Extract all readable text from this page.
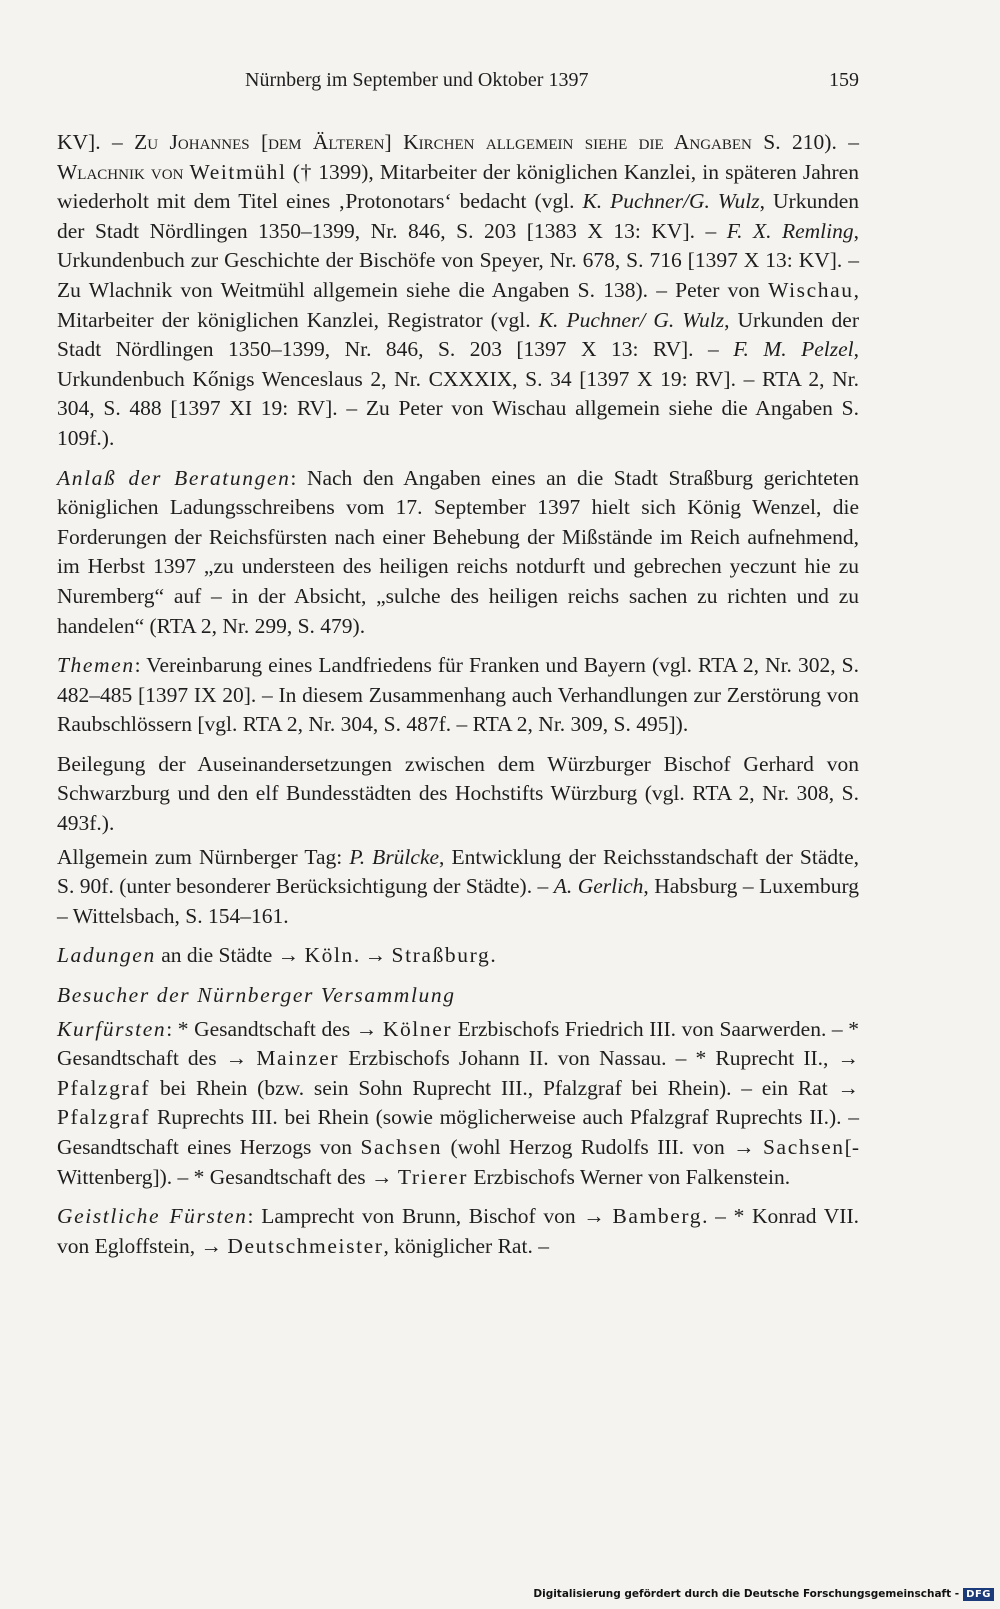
Nürnberg im September und Oktober 1397	159

KV]. – Zu Johannes [dem Älteren] Kirchen allgemein siehe die Angaben S. 210). – Wlachnik von Weitmühl († 1399), Mitarbeiter der königlichen Kanzlei, in späteren Jahren wiederholt mit dem Titel eines ‚Protonotars‘ bedacht (vgl. K. Puchner/G. Wulz, Urkunden der Stadt Nördlingen 1350–1399, Nr. 846, S. 203 [1383 X 13: KV]. – F. X. Remling, Urkundenbuch zur Geschichte der Bischöfe von Speyer, Nr. 678, S. 716 [1397 X 13: KV]. – Zu Wlachnik von Weitmühl allgemein siehe die Angaben S. 138). – Peter von Wischau, Mitarbeiter der königlichen Kanzlei, Registrator (vgl. K. Puchner/ G. Wulz, Urkunden der Stadt Nördlingen 1350–1399, Nr. 846, S. 203 [1397 X 13: RV]. – F. M. Pelzel, Urkundenbuch Kőnigs Wenceslaus 2, Nr. CXXXIX, S. 34 [1397 X 19: RV]. – RTA 2, Nr. 304, S. 488 [1397 XI 19: RV]. – Zu Peter von Wischau allgemein siehe die Angaben S. 109f.).

Anlaß der Beratungen: Nach den Angaben eines an die Stadt Straßburg gerichteten königlichen Ladungsschreibens vom 17. September 1397 hielt sich König Wenzel, die Forderungen der Reichsfürsten nach einer Behebung der Mißstände im Reich aufnehmend, im Herbst 1397 „zu understeen des heiligen reichs notdurft und gebrechen yeczunt hie zu Nuremberg“ auf – in der Absicht, „sulche des heiligen reichs sachen zu richten und zu handelen“ (RTA 2, Nr. 299, S. 479).

Themen: Vereinbarung eines Landfriedens für Franken und Bayern (vgl. RTA 2, Nr. 302, S. 482–485 [1397 IX 20]. – In diesem Zusammenhang auch Verhandlungen zur Zerstörung von Raubschlössern [vgl. RTA 2, Nr. 304, S. 487f. – RTA 2, Nr. 309, S. 495]).

Beilegung der Auseinandersetzungen zwischen dem Würzburger Bischof Gerhard von Schwarzburg und den elf Bundesstädten des Hochstifts Würzburg (vgl. RTA 2, Nr. 308, S. 493f.).

Allgemein zum Nürnberger Tag: P. Brülcke, Entwicklung der Reichsstandschaft der Städte, S. 90f. (unter besonderer Berücksichtigung der Städte). – A. Gerlich, Habsburg – Luxemburg – Wittelsbach, S. 154–161.

Ladungen an die Städte → Köln. → Straßburg.

Besucher der Nürnberger Versammlung

Kurfürsten: * Gesandtschaft des → Kölner Erzbischofs Friedrich III. von Saarwerden. – * Gesandtschaft des → Mainzer Erzbischofs Johann II. von Nassau. – * Ruprecht II., → Pfalzgraf bei Rhein (bzw. sein Sohn Ruprecht III., Pfalzgraf bei Rhein). – ein Rat → Pfalzgraf Ruprechts III. bei Rhein (sowie möglicherweise auch Pfalzgraf Ruprechts II.). – Gesandtschaft eines Herzogs von Sachsen (wohl Herzog Rudolfs III. von → Sachsen[-Wittenberg]). – * Gesandtschaft des → Trierer Erzbischofs Werner von Falkenstein.

Geistliche Fürsten: Lamprecht von Brunn, Bischof von → Bamberg. – * Konrad VII. von Egloffstein, → Deutschmeister, königlicher Rat. –

Digitalisierung gefördert durch die Deutsche Forschungsgemeinschaft - DFG
